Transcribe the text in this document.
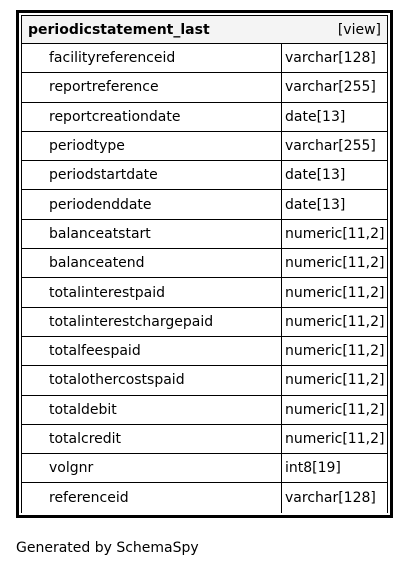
periodicstatement_last	[view]
facilityreferenceid	varchar[128]
reportreference	varchar[255]
reportcreationdate	date[13]
periodtype	varchar[255]
periodstartdate	date[13]
periodenddate	date[13]
balanceatstart	numeric[11,2]
balanceatend	numeric[11,2]
totalinterestpaid	numeric[11,2]
totalinterestchargepaid	numeric[11,2]
totalfeespaid	numeric[11,2]
totalothercostspaid	numeric[11,2]
totaldebit	numeric[11,2]
totalcredit	numeric[11,2]
volgnr	int8[19]
referenceid	varchar[128]
Generated by SchemaSpy
